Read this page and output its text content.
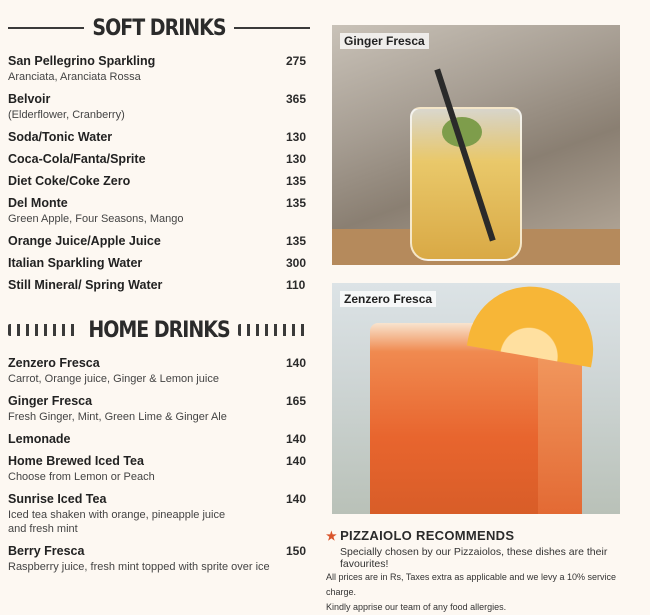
SOFT DRINKS
San Pellegrino Sparkling	275
Aranciata, Aranciata Rossa
Belvoir	365
(Elderflower, Cranberry)
Soda/Tonic Water	130
Coca-Cola/Fanta/Sprite	130
Diet Coke/Coke Zero	135
Del Monte	135
Green Apple, Four Seasons, Mango
Orange Juice/Apple Juice	135
Italian Sparkling Water	300
Still Mineral/ Spring Water	110
HOME DRINKS
Zenzero Fresca	140
Carrot, Orange juice, Ginger & Lemon juice
Ginger Fresca	165
Fresh Ginger, Mint, Green Lime & Ginger Ale
Lemonade	140
Home Brewed Iced Tea	140
Choose from Lemon or Peach
Sunrise Iced Tea	140
Iced tea shaken with orange, pineapple juice and fresh mint
Berry Fresca	150
Raspberry juice, fresh mint topped with sprite over ice
Ginger Fresca
Zenzero Fresca
★ PIZZAIOLO RECOMMENDS
Specially chosen by our Pizzaiolos, these dishes are their favourites!
All prices are in Rs, Taxes extra as applicable and we levy a 10% service charge.
Kindly apprise our team of any food allergies.
